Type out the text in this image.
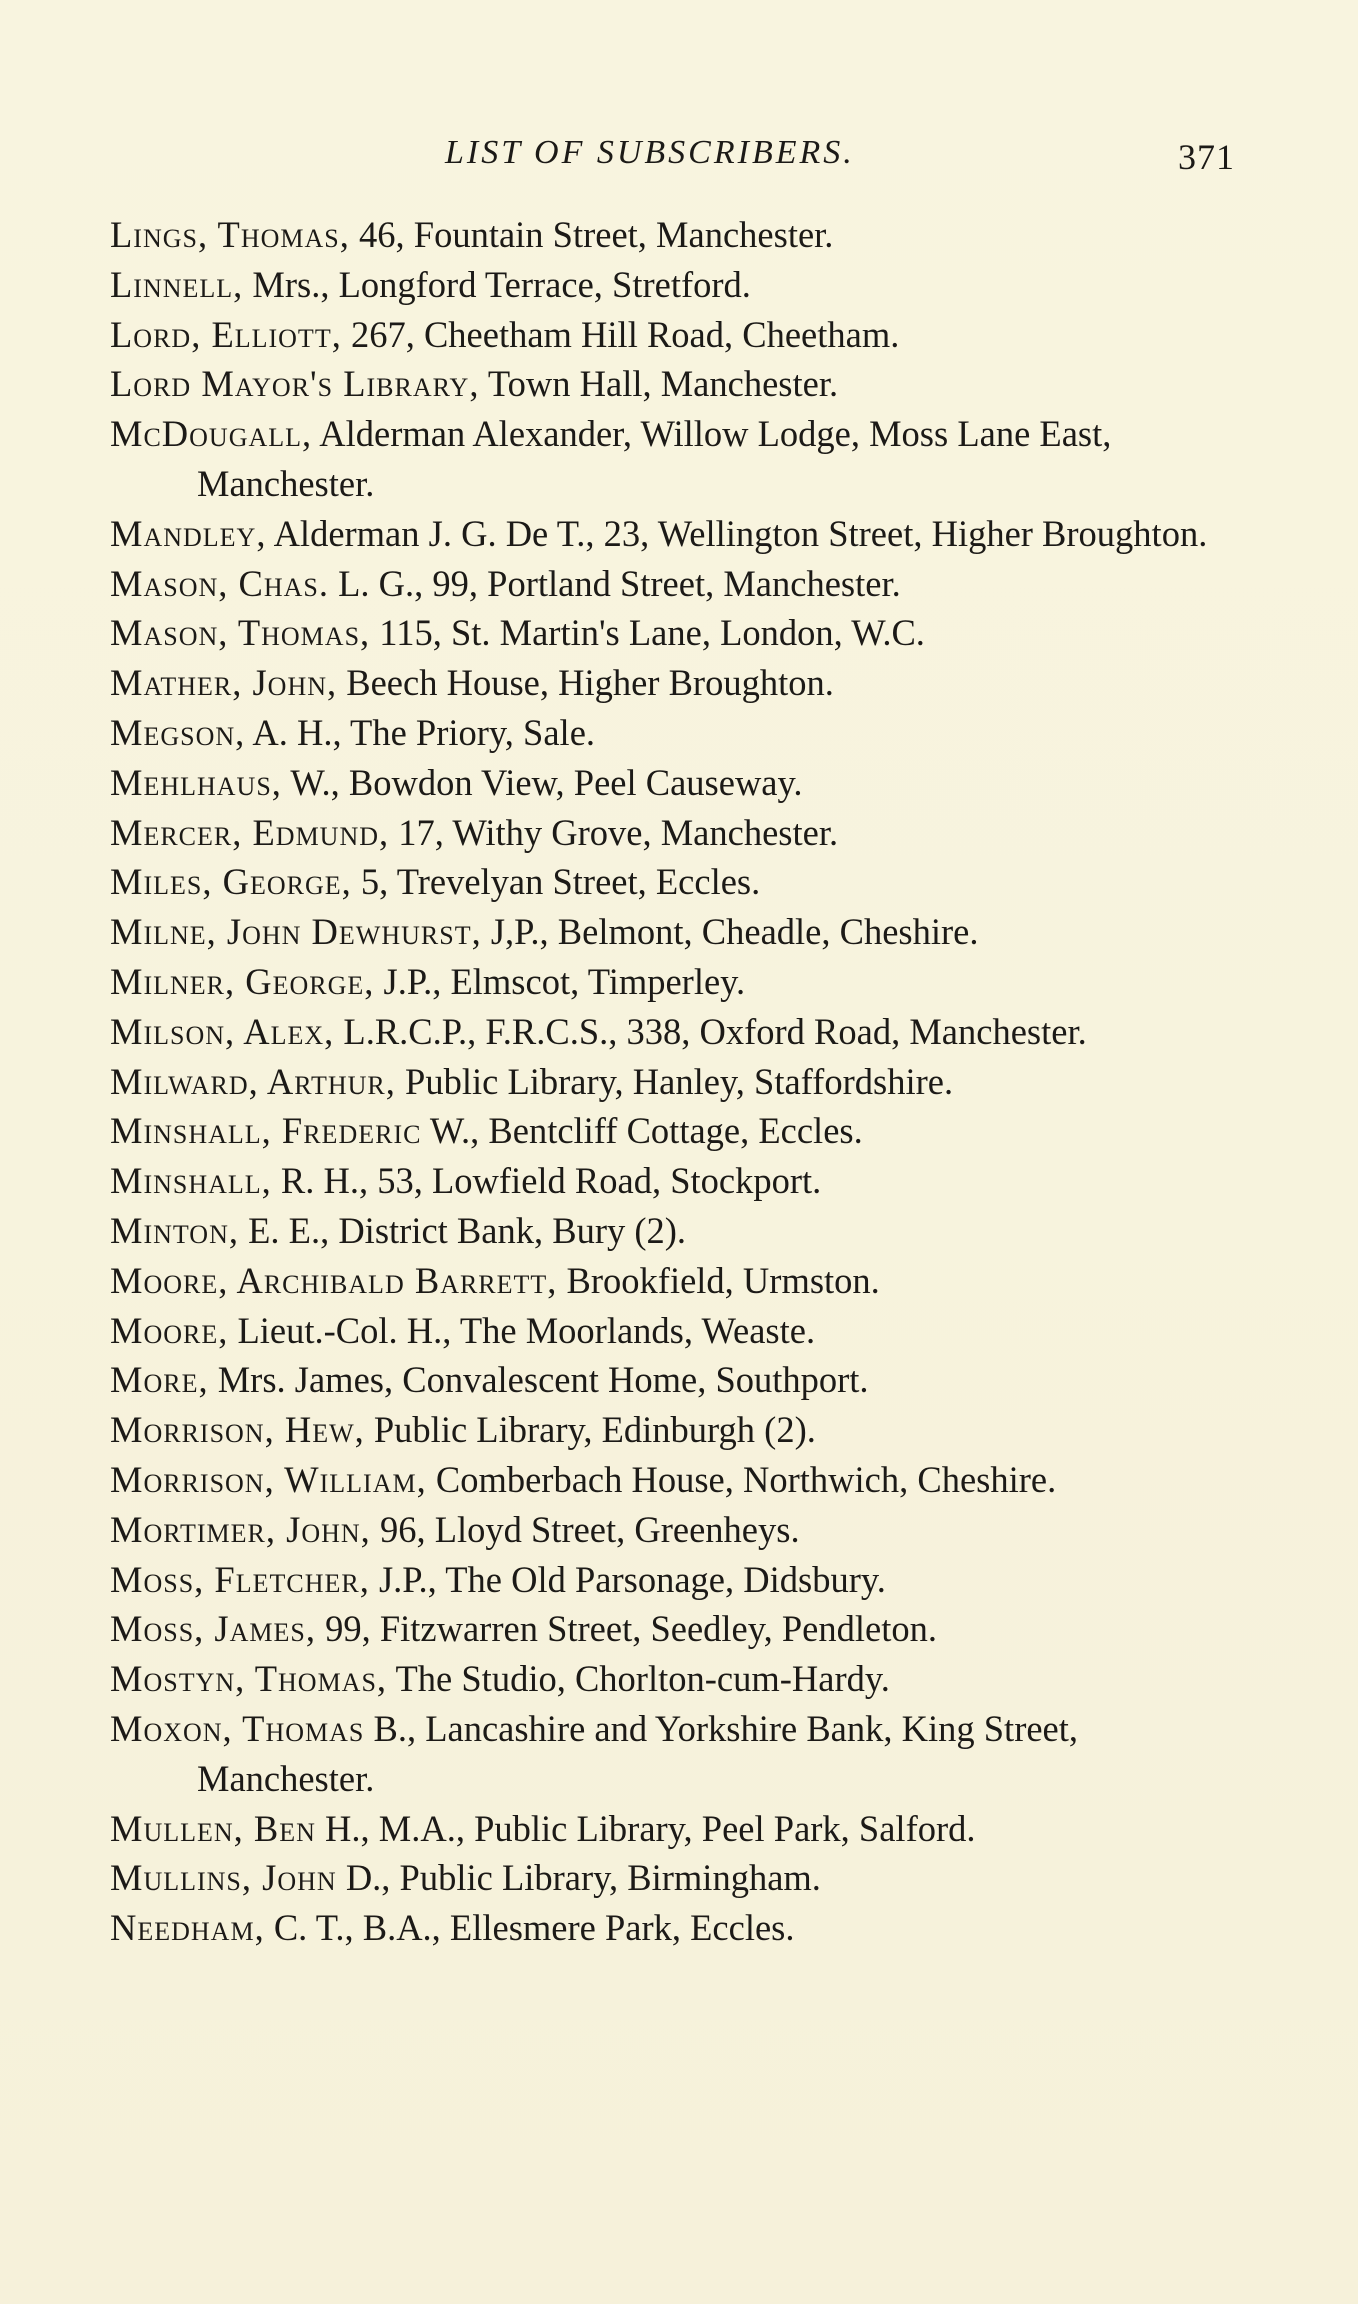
LIST OF SUBSCRIBERS.	371
Lings, Thomas, 46, Fountain Street, Manchester.
Linnell, Mrs., Longford Terrace, Stretford.
Lord, Elliott, 267, Cheetham Hill Road, Cheetham.
Lord Mayor's Library, Town Hall, Manchester.
McDougall, Alderman Alexander, Willow Lodge, Moss Lane East, Manchester.
Mandley, Alderman J. G. De T., 23, Wellington Street, Higher Broughton.
Mason, Chas. L. G., 99, Portland Street, Manchester.
Mason, Thomas, 115, St. Martin's Lane, London, W.C.
Mather, John, Beech House, Higher Broughton.
Megson, A. H., The Priory, Sale.
Mehlhaus, W., Bowdon View, Peel Causeway.
Mercer, Edmund, 17, Withy Grove, Manchester.
Miles, George, 5, Trevelyan Street, Eccles.
Milne, John Dewhurst, J,P., Belmont, Cheadle, Cheshire.
Milner, George, J.P., Elmscot, Timperley.
Milson, Alex, L.R.C.P., F.R.C.S., 338, Oxford Road, Manchester.
Milward, Arthur, Public Library, Hanley, Staffordshire.
Minshall, Frederic W., Bentcliff Cottage, Eccles.
Minshall, R. H., 53, Lowfield Road, Stockport.
Minton, E. E., District Bank, Bury (2).
Moore, Archibald Barrett, Brookfield, Urmston.
Moore, Lieut.-Col. H., The Moorlands, Weaste.
More, Mrs. James, Convalescent Home, Southport.
Morrison, Hew, Public Library, Edinburgh (2).
Morrison, William, Comberbach House, Northwich, Cheshire.
Mortimer, John, 96, Lloyd Street, Greenheys.
Moss, Fletcher, J.P., The Old Parsonage, Didsbury.
Moss, James, 99, Fitzwarren Street, Seedley, Pendleton.
Mostyn, Thomas, The Studio, Chorlton-cum-Hardy.
Moxon, Thomas B., Lancashire and Yorkshire Bank, King Street, Manchester.
Mullen, Ben H., M.A., Public Library, Peel Park, Salford.
Mullins, John D., Public Library, Birmingham.
Needham, C. T., B.A., Ellesmere Park, Eccles.
